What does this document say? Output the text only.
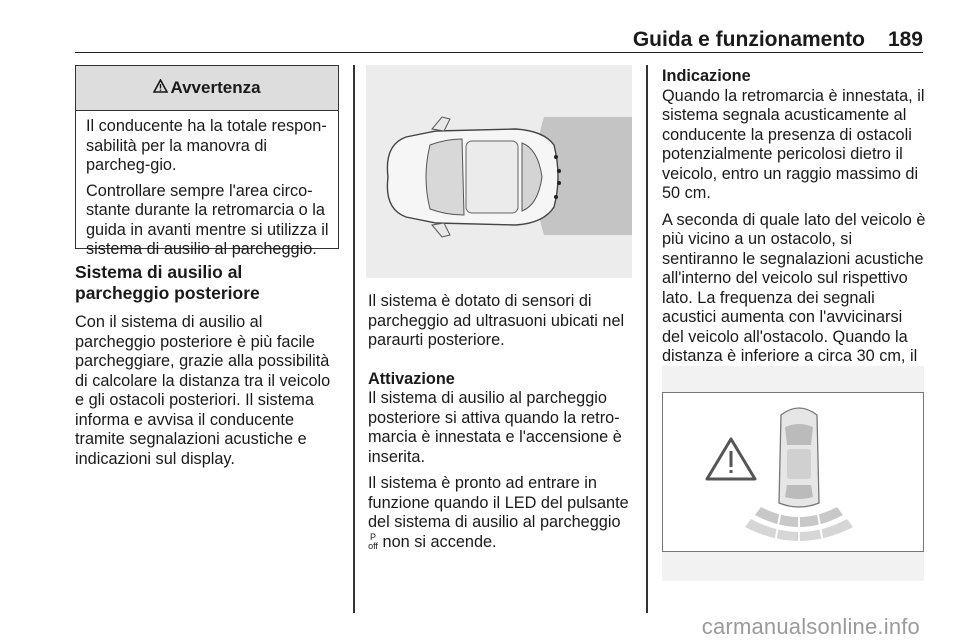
Guida e funzionamento 189
Avvertenza

Il conducente ha la totale respon-sabilità per la manovra di parcheg-gio.

Controllare sempre l'area circo-stante durante la retromarcia o la guida in avanti mentre si utilizza il sistema di ausilio al parcheggio.

Sistema di ausilio al parcheggio posteriore

Con il sistema di ausilio al parcheggio posteriore è più facile parcheggiare, grazie alla possibilità di calcolare la distanza tra il veicolo e gli ostacoli posteriori. Il sistema informa e avvisa il conducente tramite segnalazioni acustiche e indicazioni sul display.

Il sistema è dotato di sensori di parcheggio ad ultrasuoni ubicati nel paraurti posteriore.

Attivazione

Il sistema di ausilio al parcheggio posteriore si attiva quando la retro-marcia è innestata e l'accensione è inserita.

Il sistema è pronto ad entrare in funzione quando il LED del pulsante del sistema di ausilio al parcheggio
P
off non si accende.

Indicazione

Quando la retromarcia è innestata, il sistema segnala acusticamente al conducente la presenza di ostacoli potenzialmente pericolosi dietro il veicolo, entro un raggio massimo di 50 cm.

A seconda di quale lato del veicolo è più vicino a un ostacolo, si sentiranno le segnalazioni acustiche all'interno del veicolo sul rispettivo lato. La frequenza dei segnali acustici aumenta con l'avvicinarsi del veicolo all'ostacolo. Quando la distanza è inferiore a circa 30 cm, il

carmanualsonline.info
